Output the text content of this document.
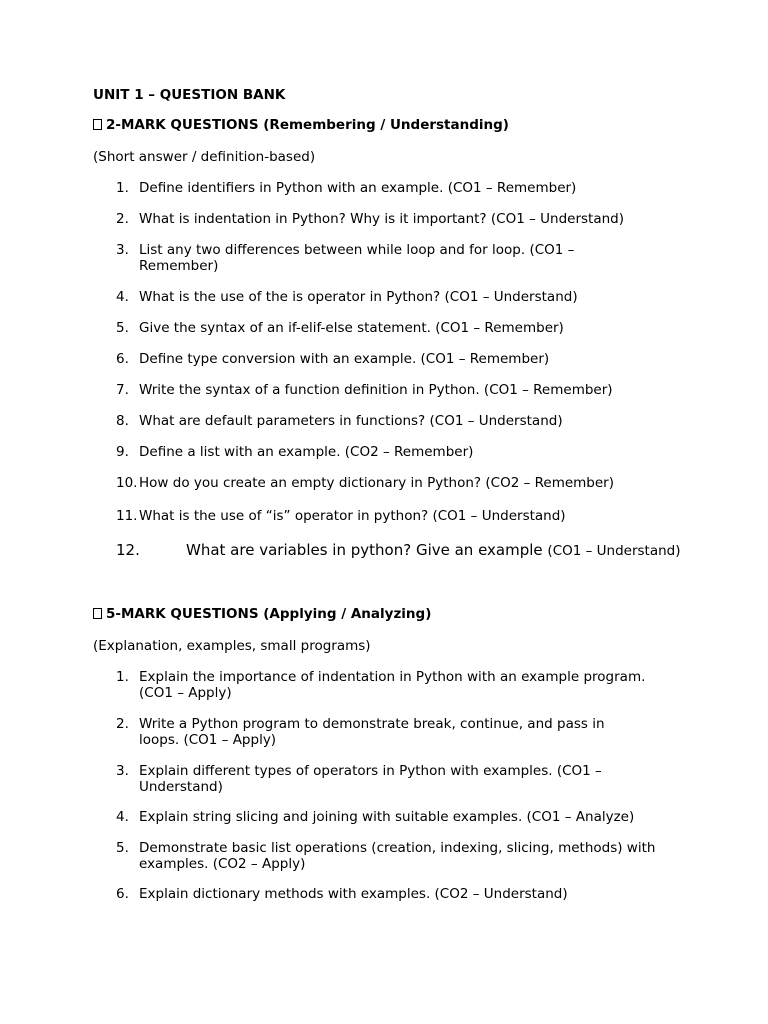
UNIT 1 – QUESTION BANK
2-MARK QUESTIONS (Remembering / Understanding)
(Short answer / definition-based)
1. Define identifiers in Python with an example. (CO1 – Remember)
2. What is indentation in Python? Why is it important? (CO1 – Understand)
3. List any two differences between while loop and for loop. (CO1 – Remember)
4. What is the use of the is operator in Python? (CO1 – Understand)
5. Give the syntax of an if-elif-else statement. (CO1 – Remember)
6. Define type conversion with an example. (CO1 – Remember)
7. Write the syntax of a function definition in Python. (CO1 – Remember)
8. What are default parameters in functions? (CO1 – Understand)
9. Define a list with an example. (CO2 – Remember)
10. How do you create an empty dictionary in Python? (CO2 – Remember)
11. What is the use of “is” operator in python? (CO1 – Understand)
12.	What are variables in python? Give an example (CO1 – Understand)
5-MARK QUESTIONS (Applying / Analyzing)
(Explanation, examples, small programs)
1. Explain the importance of indentation in Python with an example program. (CO1 – Apply)
2. Write a Python program to demonstrate break, continue, and pass in loops. (CO1 – Apply)
3. Explain different types of operators in Python with examples. (CO1 – Understand)
4. Explain string slicing and joining with suitable examples. (CO1 – Analyze)
5. Demonstrate basic list operations (creation, indexing, slicing, methods) with examples. (CO2 – Apply)
6. Explain dictionary methods with examples. (CO2 – Understand)
